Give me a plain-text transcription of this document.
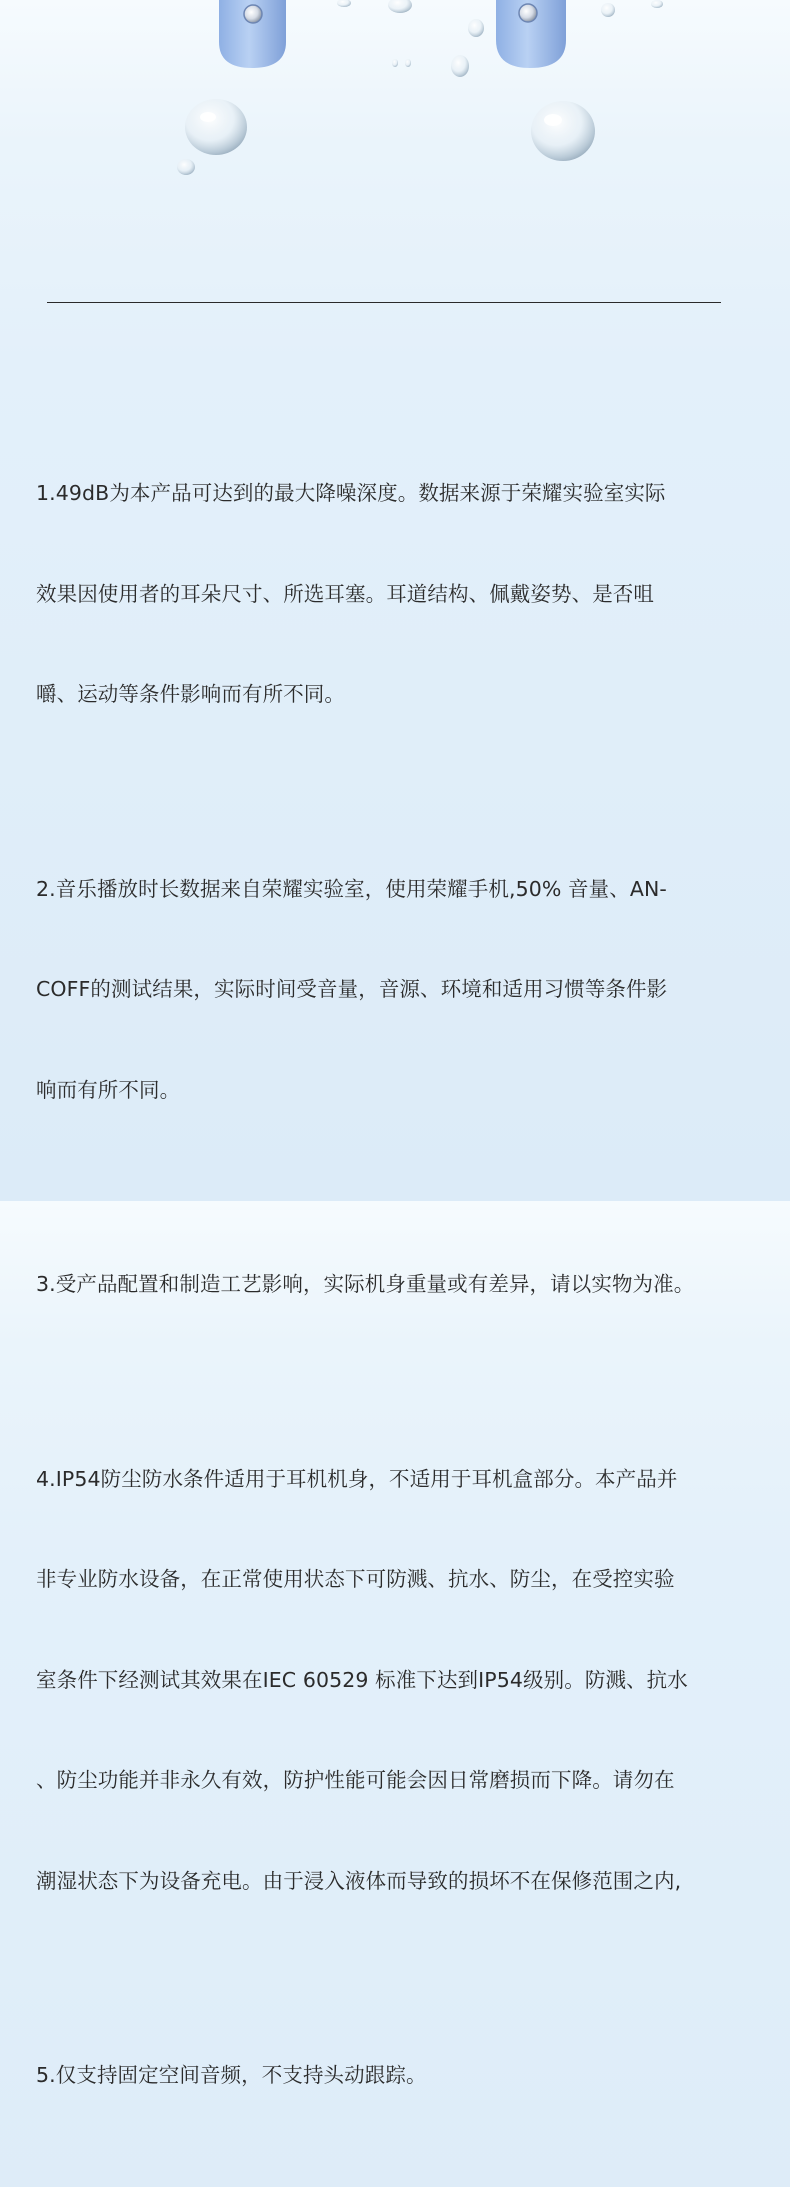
1.49dB为本产品可达到的最大降噪深度。数据来源于荣耀实验室实际

效果因使用者的耳朵尺寸、所选耳塞。耳道结构、佩戴姿势、是否咀

嚼、运动等条件影响而有所不同。

2.音乐播放时长数据来自荣耀实验室，使用荣耀手机,50% 音量、AN-

COFF的测试结果，实际时间受音量，音源、环境和适用习惯等条件影

响而有所不同。

3.受产品配置和制造工艺影响，实际机身重量或有差异，请以实物为准。

4.IP54防尘防水条件适用于耳机机身，不适用于耳机盒部分。本产品并

非专业防水设备，在正常使用状态下可防溅、抗水、防尘，在受控实验

室条件下经测试其效果在IEC 60529 标准下达到IP54级别。防溅、抗水

、防尘功能并非永久有效，防护性能可能会因日常磨损而下降。请勿在

潮湿状态下为设备充电。由于浸入液体而导致的损坏不在保修范围之内,

5.仅支持固定空间音频，不支持头动跟踪。
